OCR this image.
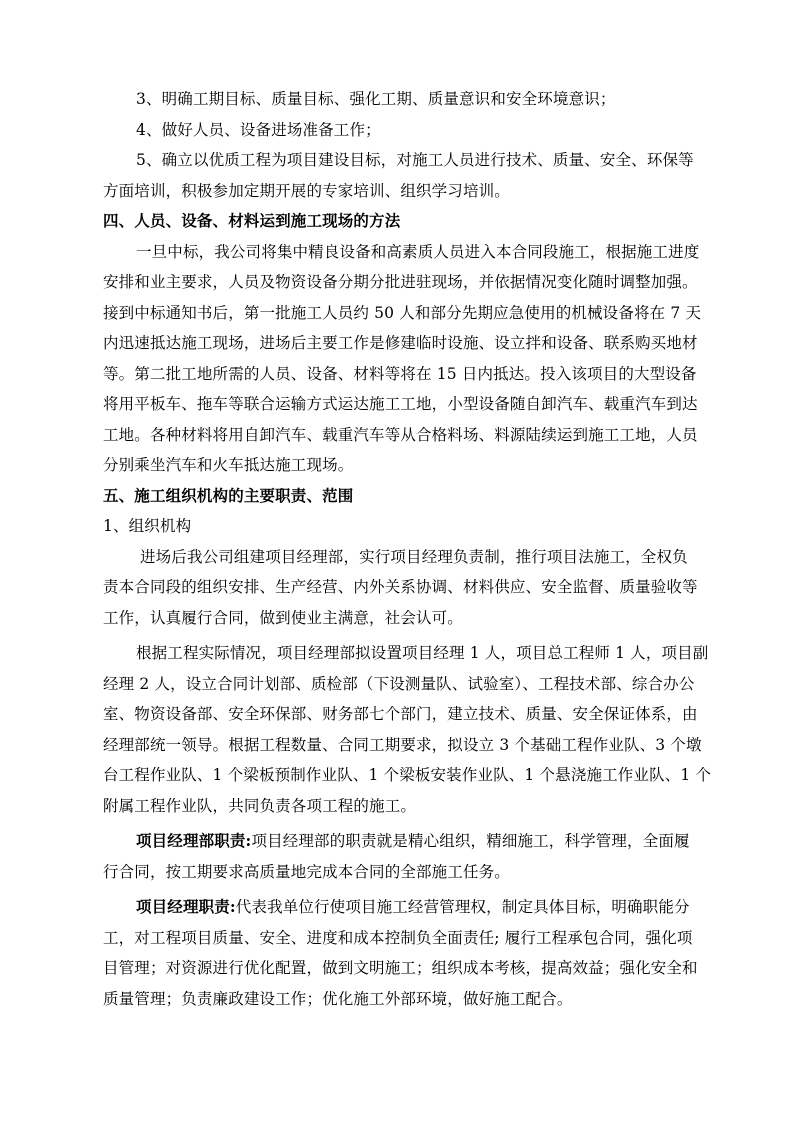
3、明确工期目标、质量目标、强化工期、质量意识和安全环境意识；
4、做好人员、设备进场准备工作；
5、确立以优质工程为项目建设目标，对施工人员进行技术、质量、安全、环保等
方面培训，积极参加定期开展的专家培训、组织学习培训。
四、人员、设备、材料运到施工现场的方法
一旦中标，我公司将集中精良设备和高素质人员进入本合同段施工，根据施工进度
安排和业主要求，人员及物资设备分期分批进驻现场，并依据情况变化随时调整加强。
接到中标通知书后，第一批施工人员约 50 人和部分先期应急使用的机械设备将在 7 天
内迅速抵达施工现场，进场后主要工作是修建临时设施、设立拌和设备、联系购买地材
等。第二批工地所需的人员、设备、材料等将在 15 日内抵达。投入该项目的大型设备
将用平板车、拖车等联合运输方式运达施工工地，小型设备随自卸汽车、载重汽车到达
工地。各种材料将用自卸汽车、载重汽车等从合格料场、料源陆续运到施工工地，人员
分别乘坐汽车和火车抵达施工现场。
五、施工组织机构的主要职责、范围
1、组织机构
进场后我公司组建项目经理部，实行项目经理负责制，推行项目法施工，全权负
责本合同段的组织安排、生产经营、内外关系协调、材料供应、安全监督、质量验收等
工作，认真履行合同，做到使业主满意，社会认可。
根据工程实际情况，项目经理部拟设置项目经理 1 人，项目总工程师 1 人，项目副
经理 2 人，设立合同计划部、质检部（下设测量队、试验室）、工程技术部、综合办公
室、物资设备部、安全环保部、财务部七个部门，建立技术、质量、安全保证体系，由
经理部统一领导。根据工程数量、合同工期要求，拟设立 3 个基础工程作业队、3 个墩
台工程作业队、1 个梁板预制作业队、1 个梁板安装作业队、1 个悬浇施工作业队、1 个
附属工程作业队，共同负责各项工程的施工。
项目经理部职责:项目经理部的职责就是精心组织，精细施工，科学管理，全面履
行合同，按工期要求高质量地完成本合同的全部施工任务。
项目经理职责:代表我单位行使项目施工经营管理权，制定具体目标，明确职能分
工，对工程项目质量、安全、进度和成本控制负全面责任; 履行工程承包合同，强化项
目管理；对资源进行优化配置，做到文明施工；组织成本考核，提高效益；强化安全和
质量管理；负责廉政建设工作；优化施工外部环境，做好施工配合。
